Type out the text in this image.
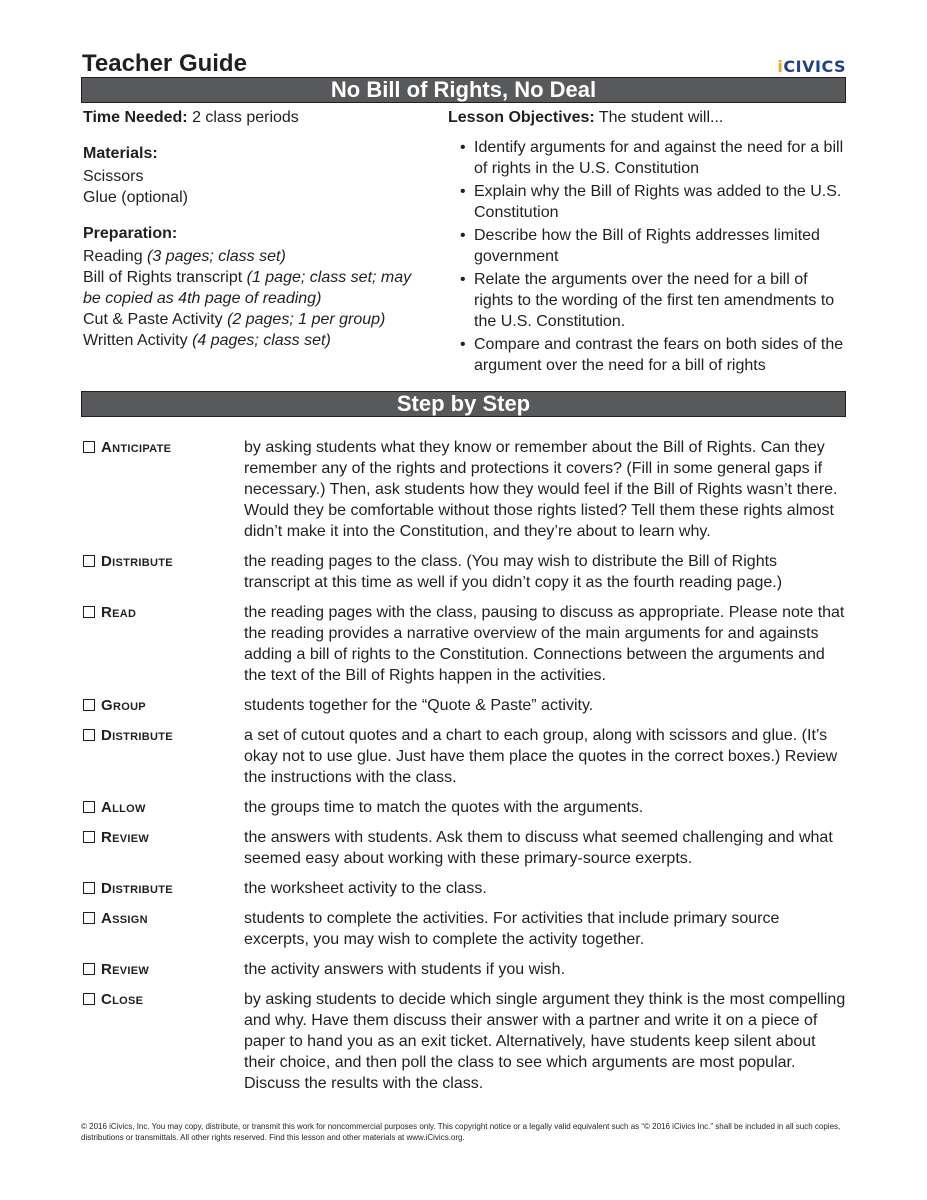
Teacher Guide	iCIVICS
No Bill of Rights, No Deal
Time Needed: 2 class periods
Materials:
Scissors
Glue (optional)
Preparation:
Reading (3 pages; class set)
Bill of Rights transcript (1 page; class set; may be copied as 4th page of reading)
Cut & Paste Activity (2 pages; 1 per group)
Written Activity (4 pages; class set)
Lesson Objectives: The student will...
• Identify arguments for and against the need for a bill of rights in the U.S. Constitution
• Explain why the Bill of Rights was added to the U.S. Constitution
• Describe how the Bill of Rights addresses limited government
• Relate the arguments over the need for a bill of rights to the wording of the first ten amendments to the U.S. Constitution.
• Compare and contrast the fears on both sides of the argument over the need for a bill of rights
Step by Step
Anticipate	by asking students what they know or remember about the Bill of Rights. Can they remember any of the rights and protections it covers? (Fill in some general gaps if necessary.) Then, ask students how they would feel if the Bill of Rights wasn’t there. Would they be comfortable without those rights listed? Tell them these rights almost didn’t make it into the Constitution, and they’re about to learn why.
Distribute	the reading pages to the class. (You may wish to distribute the Bill of Rights transcript at this time as well if you didn’t copy it as the fourth reading page.)
Read	the reading pages with the class, pausing to discuss as appropriate. Please note that the reading provides a narrative overview of the main arguments for and againsts adding a bill of rights to the Constitution. Connections between the arguments and the text of the Bill of Rights happen in the activities.
Group	students together for the “Quote & Paste” activity.
Distribute	a set of cutout quotes and a chart to each group, along with scissors and glue. (It’s okay not to use glue. Just have them place the quotes in the correct boxes.) Review the instructions with the class.
Allow	the groups time to match the quotes with the arguments.
Review	the answers with students. Ask them to discuss what seemed challenging and what seemed easy about working with these primary-source exerpts.
Distribute	the worksheet activity to the class.
Assign	students to complete the activities. For activities that include primary source excerpts, you may wish to complete the activity together.
Review	the activity answers with students if you wish.
Close	by asking students to decide which single argument they think is the most compelling and why. Have them discuss their answer with a partner and write it on a piece of paper to hand you as an exit ticket. Alternatively, have students keep silent about their choice, and then poll the class to see which arguments are most popular. Discuss the results with the class.
© 2016 iCivics, Inc. You may copy, distribute, or transmit this work for noncommercial purposes only. This copyright notice or a legally valid equivalent such as “© 2016 iCivics Inc.” shall be included in all such copies, distributions or transmittals. All other rights reserved. Find this lesson and other materials at www.iCivics.org.
